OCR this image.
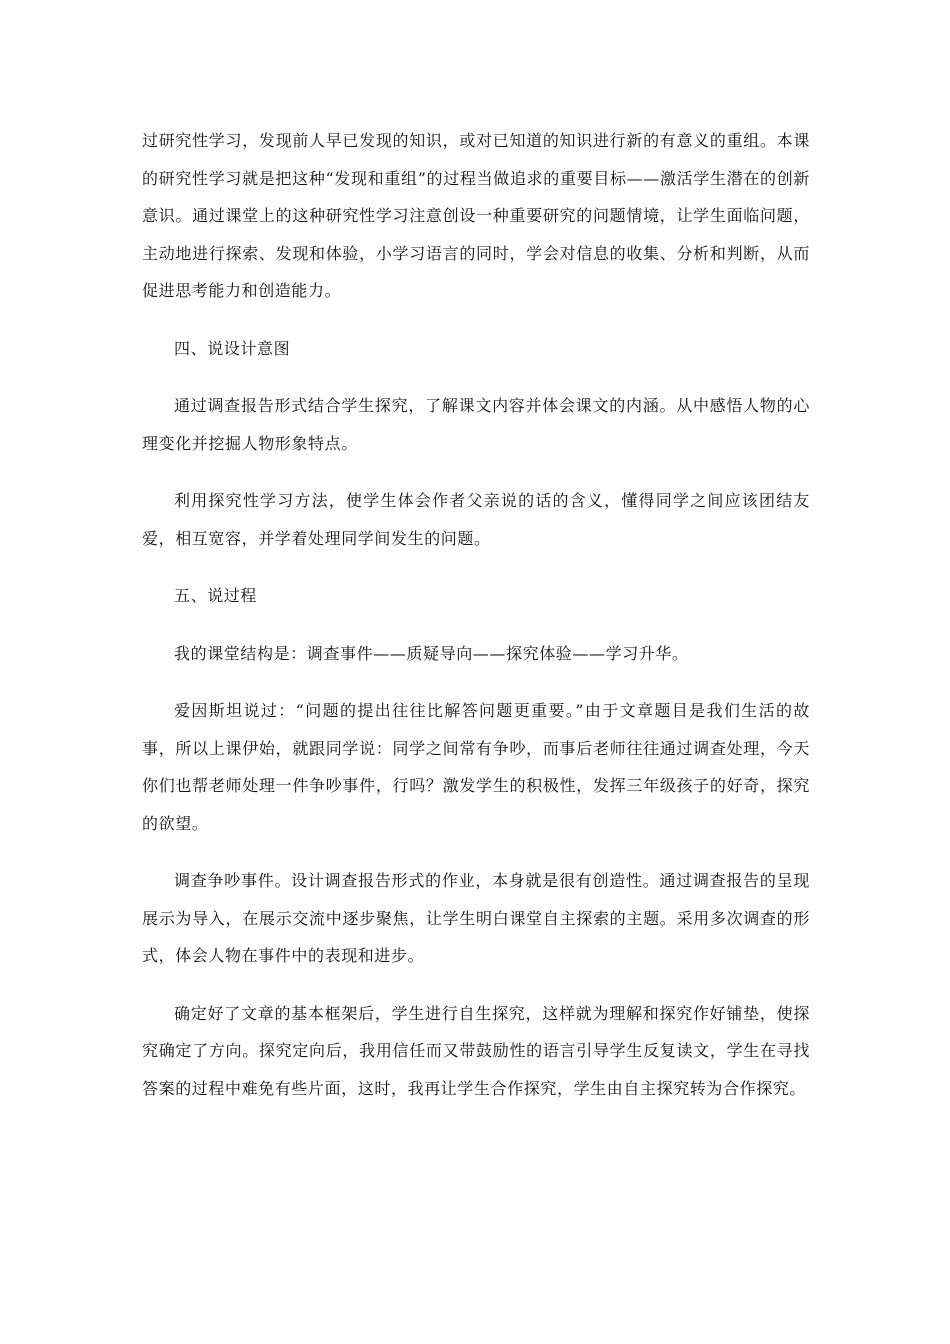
过研究性学习，发现前人早已发现的知识，或对已知道的知识进行新的有意义的重组。本课的研究性学习就是把这种“发现和重组”的过程当做追求的重要目标——激活学生潜在的创新意识。通过课堂上的这种研究性学习注意创设一种重要研究的问题情境，让学生面临问题，主动地进行探索、发现和体验，小学习语言的同时，学会对信息的收集、分析和判断，从而促进思考能力和创造能力。

四、说设计意图

通过调查报告形式结合学生探究，了解课文内容并体会课文的内涵。从中感悟人物的心理变化并挖掘人物形象特点。

利用探究性学习方法，使学生体会作者父亲说的话的含义，懂得同学之间应该团结友爱，相互宽容，并学着处理同学间发生的问题。

五、说过程

我的课堂结构是：调查事件——质疑导向——探究体验——学习升华。

爱因斯坦说过：“问题的提出往往比解答问题更重要。”由于文章题目是我们生活的故事，所以上课伊始，就跟同学说：同学之间常有争吵，而事后老师往往通过调查处理，今天你们也帮老师处理一件争吵事件，行吗？激发学生的积极性，发挥三年级孩子的好奇，探究的欲望。

调查争吵事件。设计调查报告形式的作业，本身就是很有创造性。通过调查报告的呈现展示为导入，在展示交流中逐步聚焦，让学生明白课堂自主探索的主题。采用多次调查的形式，体会人物在事件中的表现和进步。

确定好了文章的基本框架后，学生进行自生探究，这样就为理解和探究作好铺垫，使探究确定了方向。探究定向后，我用信任而又带鼓励性的语言引导学生反复读文，学生在寻找答案的过程中难免有些片面，这时，我再让学生合作探究，学生由自主探究转为合作探究。
